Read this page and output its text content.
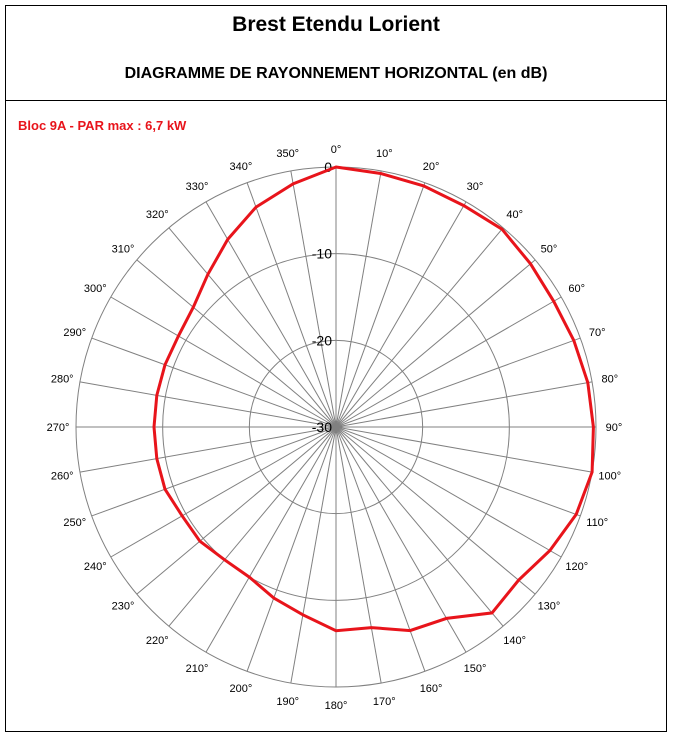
Brest Etendu Lorient
DIAGRAMME DE RAYONNEMENT HORIZONTAL (en dB)
Bloc 9A - PAR max : 6,7 kW
0°	10°
20°
30°
40°
50°
60°
70°
80°
90°
100°
110°
120°
130°
140°
150°
160°
170°
180°
190°
200°
210°
220°
230°
240°
250°
260°
270°
280°
290°
300°
310°
320°
330°
340°
350°
0
-10
-20
-30
